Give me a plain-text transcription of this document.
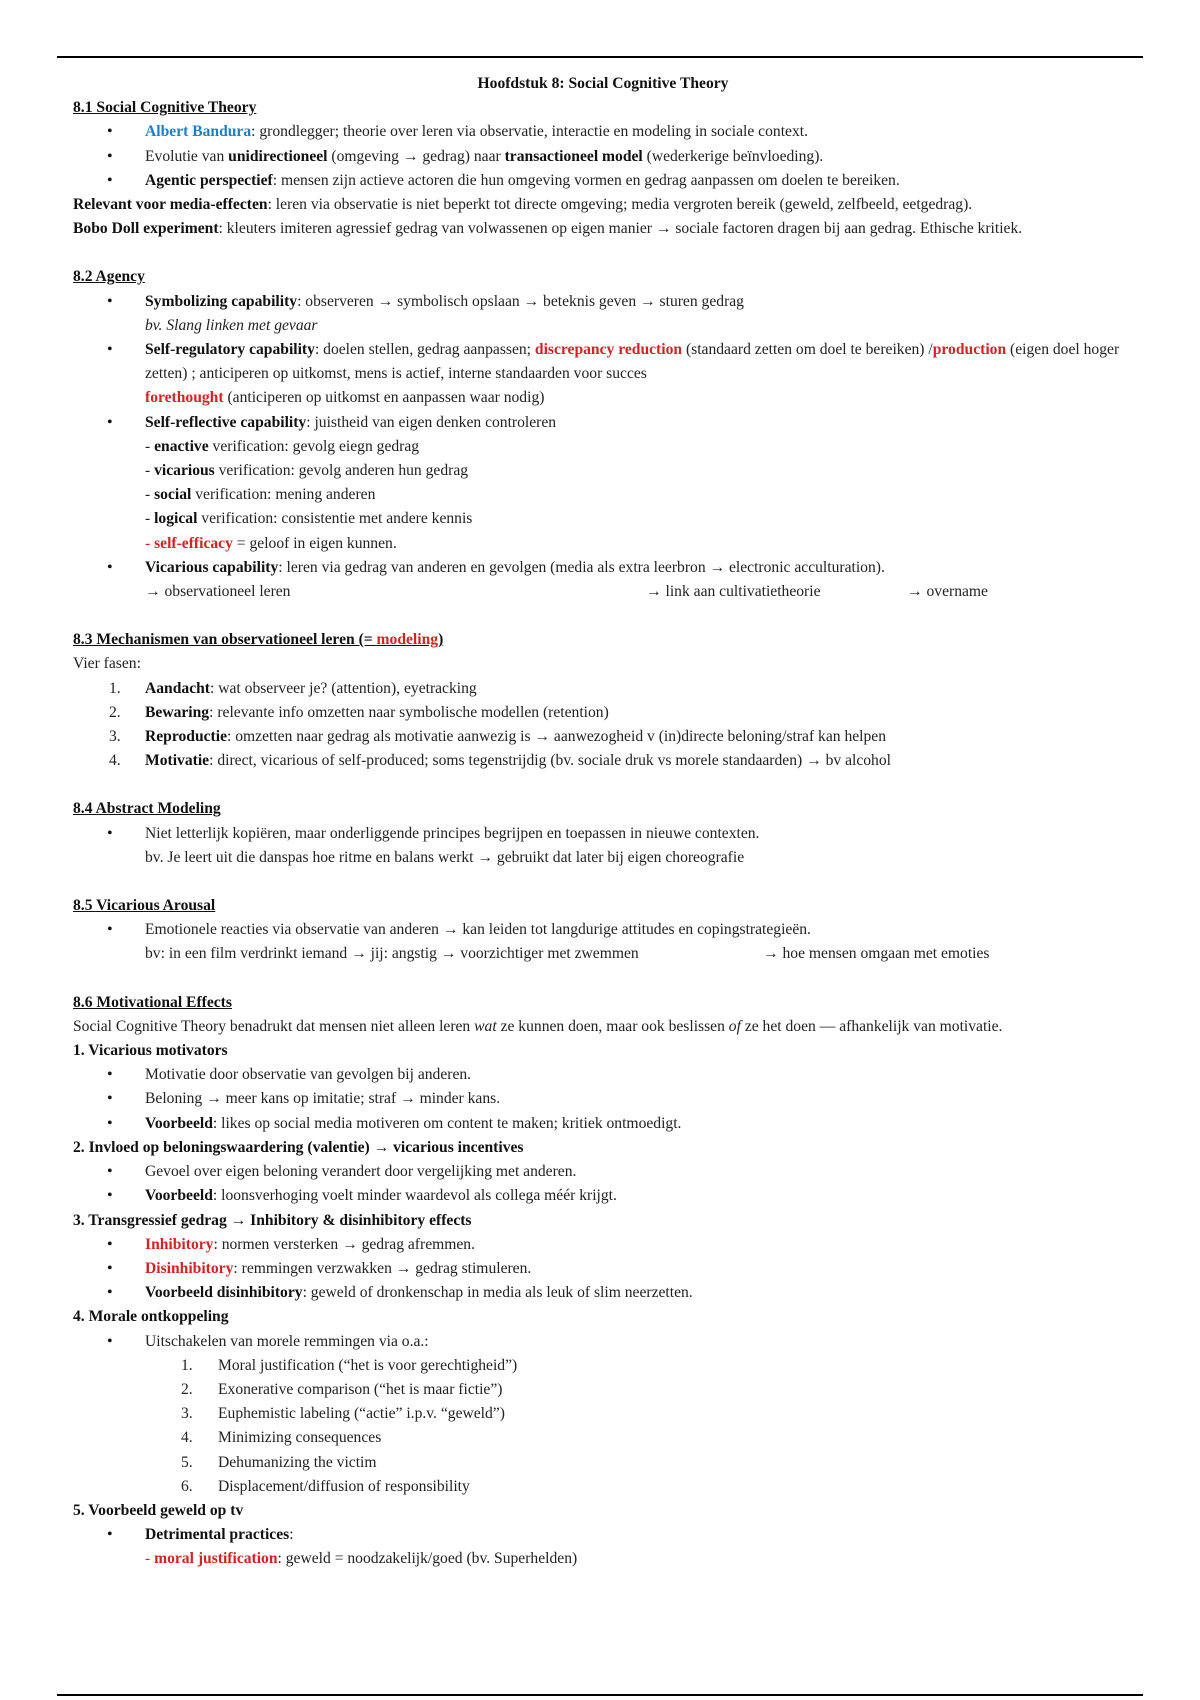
Hoofdstuk 8: Social Cognitive Theory

8.1 Social Cognitive Theory

• Albert Bandura: grondlegger; theorie over leren via observatie, interactie en modeling in sociale context.

• Evolutie van unidirectioneel (omgeving → gedrag) naar transactioneel model (wederkerige beïnvloeding).

• Agentic perspectief: mensen zijn actieve actoren die hun omgeving vormen en gedrag aanpassen om doelen te bereiken.

Relevant voor media-effecten: leren via observatie is niet beperkt tot directe omgeving; media vergroten bereik (geweld, zelfbeeld, eetgedrag).

Bobo Doll experiment: kleuters imiteren agressief gedrag van volwassenen op eigen manier → sociale factoren dragen bij aan gedrag. Ethische kritiek.

8.2 Agency

• Symbolizing capability: observeren → symbolisch opslaan → beteknis geven → sturen gedrag

bv. Slang linken met gevaar

• Self-regulatory capability: doelen stellen, gedrag aanpassen; discrepancy reduction (standaard zetten om doel te bereiken) /production (eigen doel hoger zetten) ; anticiperen op uitkomst, mens is actief, interne standaarden voor succes
forethought (anticiperen op uitkomst en aanpassen waar nodig)

• Self-reflective capability: juistheid van eigen denken controleren

- enactive verification: gevolg eiegn gedrag

- vicarious verification: gevolg anderen hun gedrag

- social verification: mening anderen

- logical verification: consistentie met andere kennis

- self-efficacy = geloof in eigen kunnen.

• Vicarious capability: leren via gedrag van anderen en gevolgen (media als extra leerbron → electronic acculturation).

→ observationeel leren	→ link aan cultivatietheorie	→ overname

8.3 Mechanismen van observationeel leren (= modeling)

Vier fasen:

1. Aandacht: wat observeer je? (attention), eyetracking

2. Bewaring: relevante info omzetten naar symbolische modellen (retention)

3. Reproductie: omzetten naar gedrag als motivatie aanwezig is → aanwezogheid v (in)directe beloning/straf kan helpen

4. Motivatie: direct, vicarious of self-produced; soms tegenstrijdig (bv. sociale druk vs morele standaarden) → bv alcohol

8.4 Abstract Modeling

• Niet letterlijk kopiëren, maar onderliggende principes begrijpen en toepassen in nieuwe contexten.

bv. Je leert uit die danspas hoe ritme en balans werkt → gebruikt dat later bij eigen choreografie

8.5 Vicarious Arousal

• Emotionele reacties via observatie van anderen → kan leiden tot langdurige attitudes en copingstrategieën.

bv: in een film verdrinkt iemand → jij: angstig → voorzichtiger met zwemmen	→ hoe mensen omgaan met emoties

8.6 Motivational Effects

Social Cognitive Theory benadrukt dat mensen niet alleen leren wat ze kunnen doen, maar ook beslissen of ze het doen — afhankelijk van motivatie.

1. Vicarious motivators

• Motivatie door observatie van gevolgen bij anderen.

• Beloning → meer kans op imitatie; straf → minder kans.

• Voorbeeld: likes op social media motiveren om content te maken; kritiek ontmoedigt.

2. Invloed op beloningswaardering (valentie) → vicarious incentives

• Gevoel over eigen beloning verandert door vergelijking met anderen.

• Voorbeeld: loonsverhoging voelt minder waardevol als collega méér krijgt.

3. Transgressief gedrag → Inhibitory & disinhibitory effects

• Inhibitory: normen versterken → gedrag afremmen.

• Disinhibitory: remmingen verzwakken → gedrag stimuleren.

• Voorbeeld disinhibitory: geweld of dronkenschap in media als leuk of slim neerzetten.

4. Morale ontkoppeling

• Uitschakelen van morele remmingen via o.a.:

1. Moral justification (“het is voor gerechtigheid”)

2. Exonerative comparison (“het is maar fictie”)

3. Euphemistic labeling (“actie” i.p.v. “geweld”)

4. Minimizing consequences

5. Dehumanizing the victim

6. Displacement/diffusion of responsibility

5. Voorbeeld geweld op tv

• Detrimental practices:

- moral justification: geweld = noodzakelijk/goed (bv. Superhelden)
